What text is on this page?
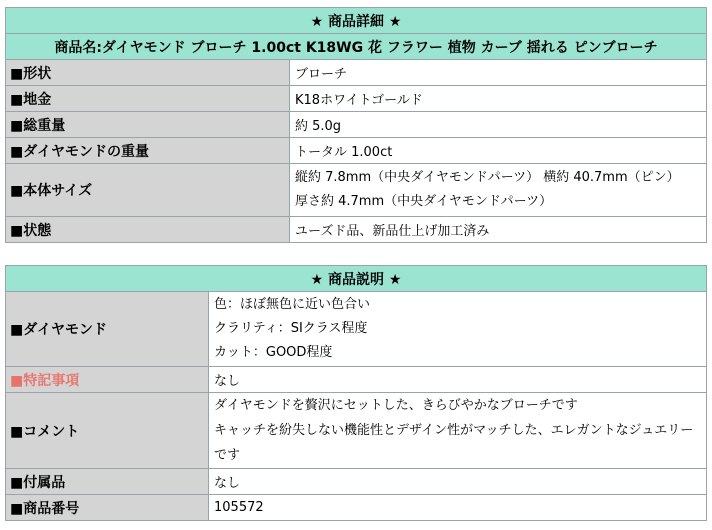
★ 商品詳細 ★	
商品名:ダイヤモンド ブローチ 1.00ct K18WG 花 フラワー 植物 カーブ 揺れる ピンブローチ	
■形状	ブローチ
■地金	K18ホワイトゴールド
■総重量	約 5.0g
■ダイヤモンドの重量	トータル 1.00ct
■本体サイズ	縦約 7.8mm（中央ダイヤモンドパーツ） 横約 40.7mm（ピン）
厚さ約 4.7mm（中央ダイヤモンドパーツ）

■状態	ユーズド品、新品仕上げ加工済み
★ 商品説明 ★	
■ダイヤモンド	色：ほぼ無色に近い色合い
クラリティ：SIクラス程度
カット：GOOD程度

■特記事項	なし
■コメント	ダイヤモンドを贅沢にセットした、きらびやかなブローチです
キャッチを紛失しない機能性とデザイン性がマッチした、エレガントなジュエリーです

■付属品	なし
■商品番号	105572
